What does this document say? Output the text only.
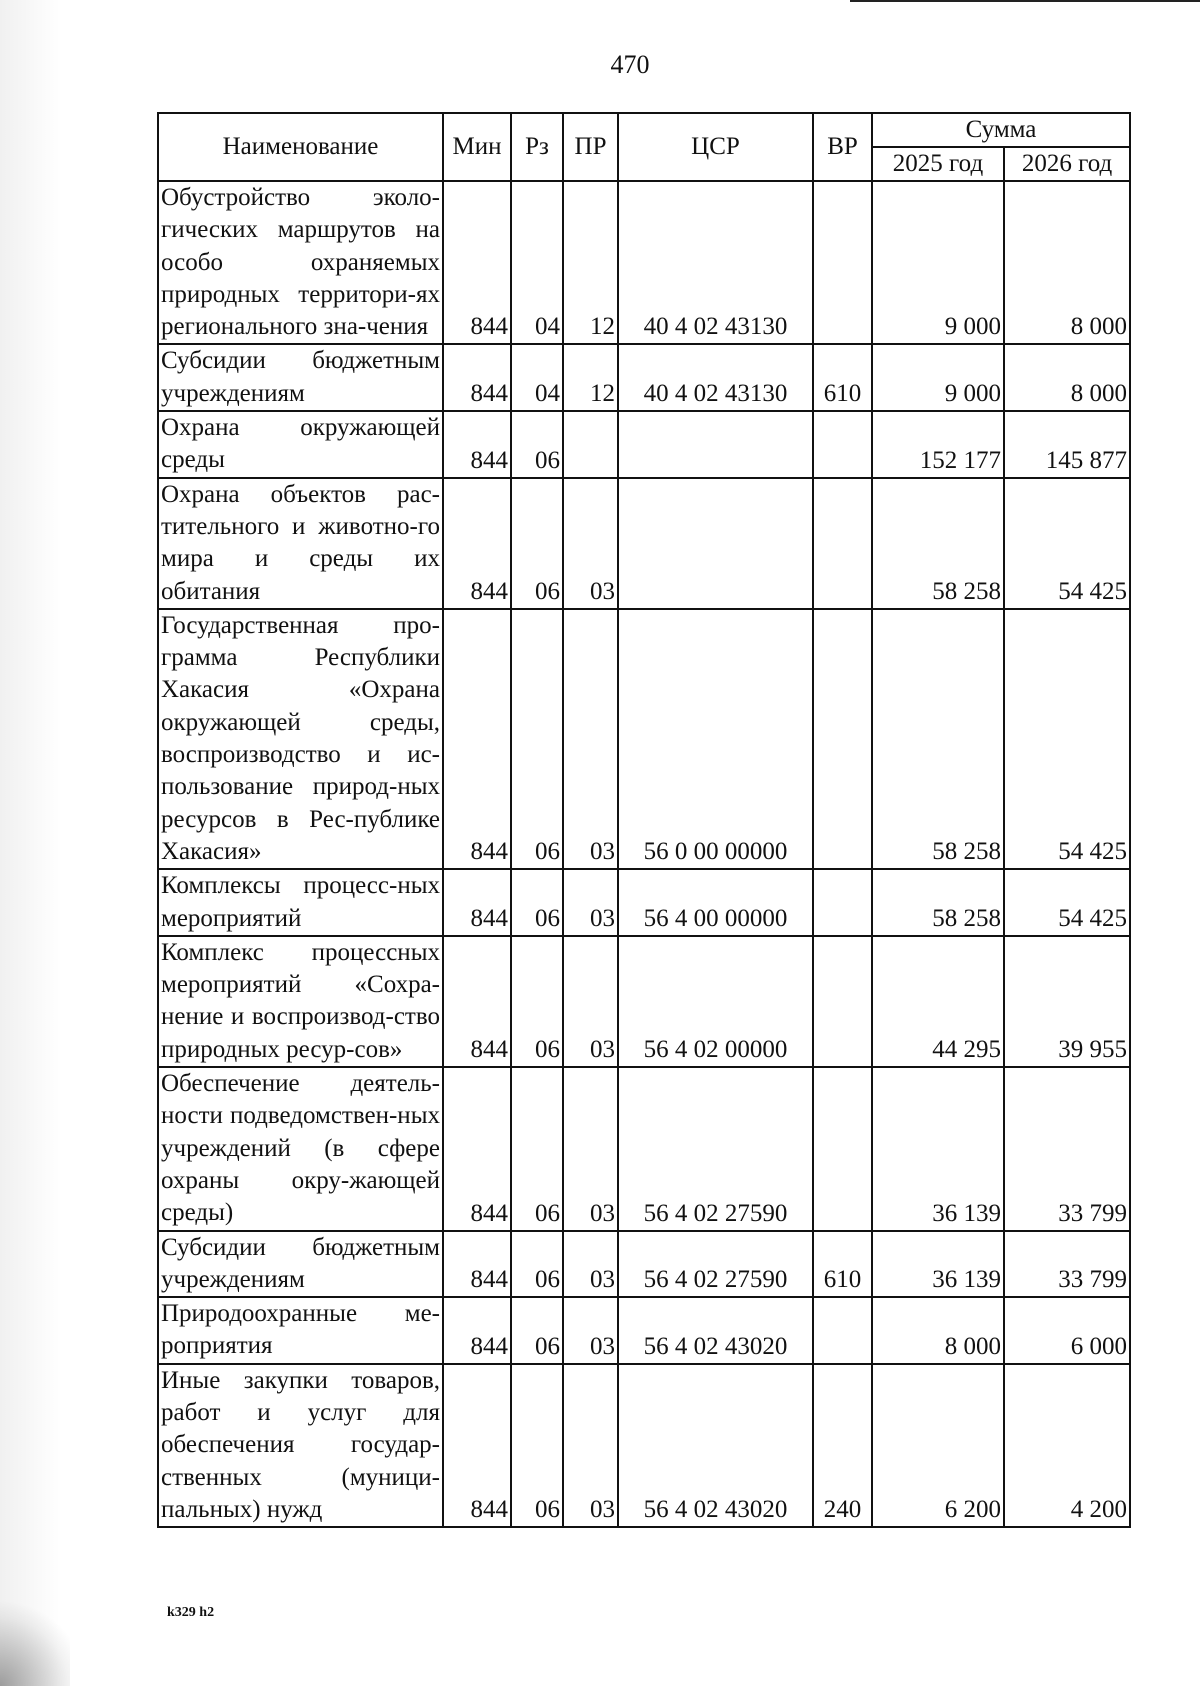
470
Наименование	Мин	Рз	ПР	ЦСР	ВР	Сумма	
						2025 год	2026 год
Обустройство эколо-гических маршрутов на особо охраняемых природных территори-ях регионального зна-чения	844	04	12	40 4 02 43130		9 000	8 000
Субсидии бюджетным учреждениям	844	04	12	40 4 02 43130	610	9 000	8 000
Охрана окружающей среды	844	06				152 177	145 877
Охрана объектов рас-тительного и животно-го мира и среды их обитания	844	06	03			58 258	54 425
Государственная про-грамма Республики Хакасия «Охрана окружающей среды, воспроизводство и ис-пользование природ-ных ресурсов в Рес-публике Хакасия»	844	06	03	56 0 00 00000		58 258	54 425
Комплексы процесс-ных мероприятий	844	06	03	56 4 00 00000		58 258	54 425
Комплекс процессных мероприятий «Сохра-нение и воспроизвод-ство природных ресур-сов»	844	06	03	56 4 02 00000		44 295	39 955
Обеспечение деятель-ности подведомствен-ных учреждений (в сфере охраны окру-жающей среды)	844	06	03	56 4 02 27590		36 139	33 799
Субсидии бюджетным учреждениям	844	06	03	56 4 02 27590	610	36 139	33 799
Природоохранные ме-роприятия	844	06	03	56 4 02 43020		8 000	6 000
Иные закупки товаров, работ и услуг для обеспечения государ-ственных (муници-пальных) нужд	844	06	03	56 4 02 43020	240	6 200	4 200
k329 h2
